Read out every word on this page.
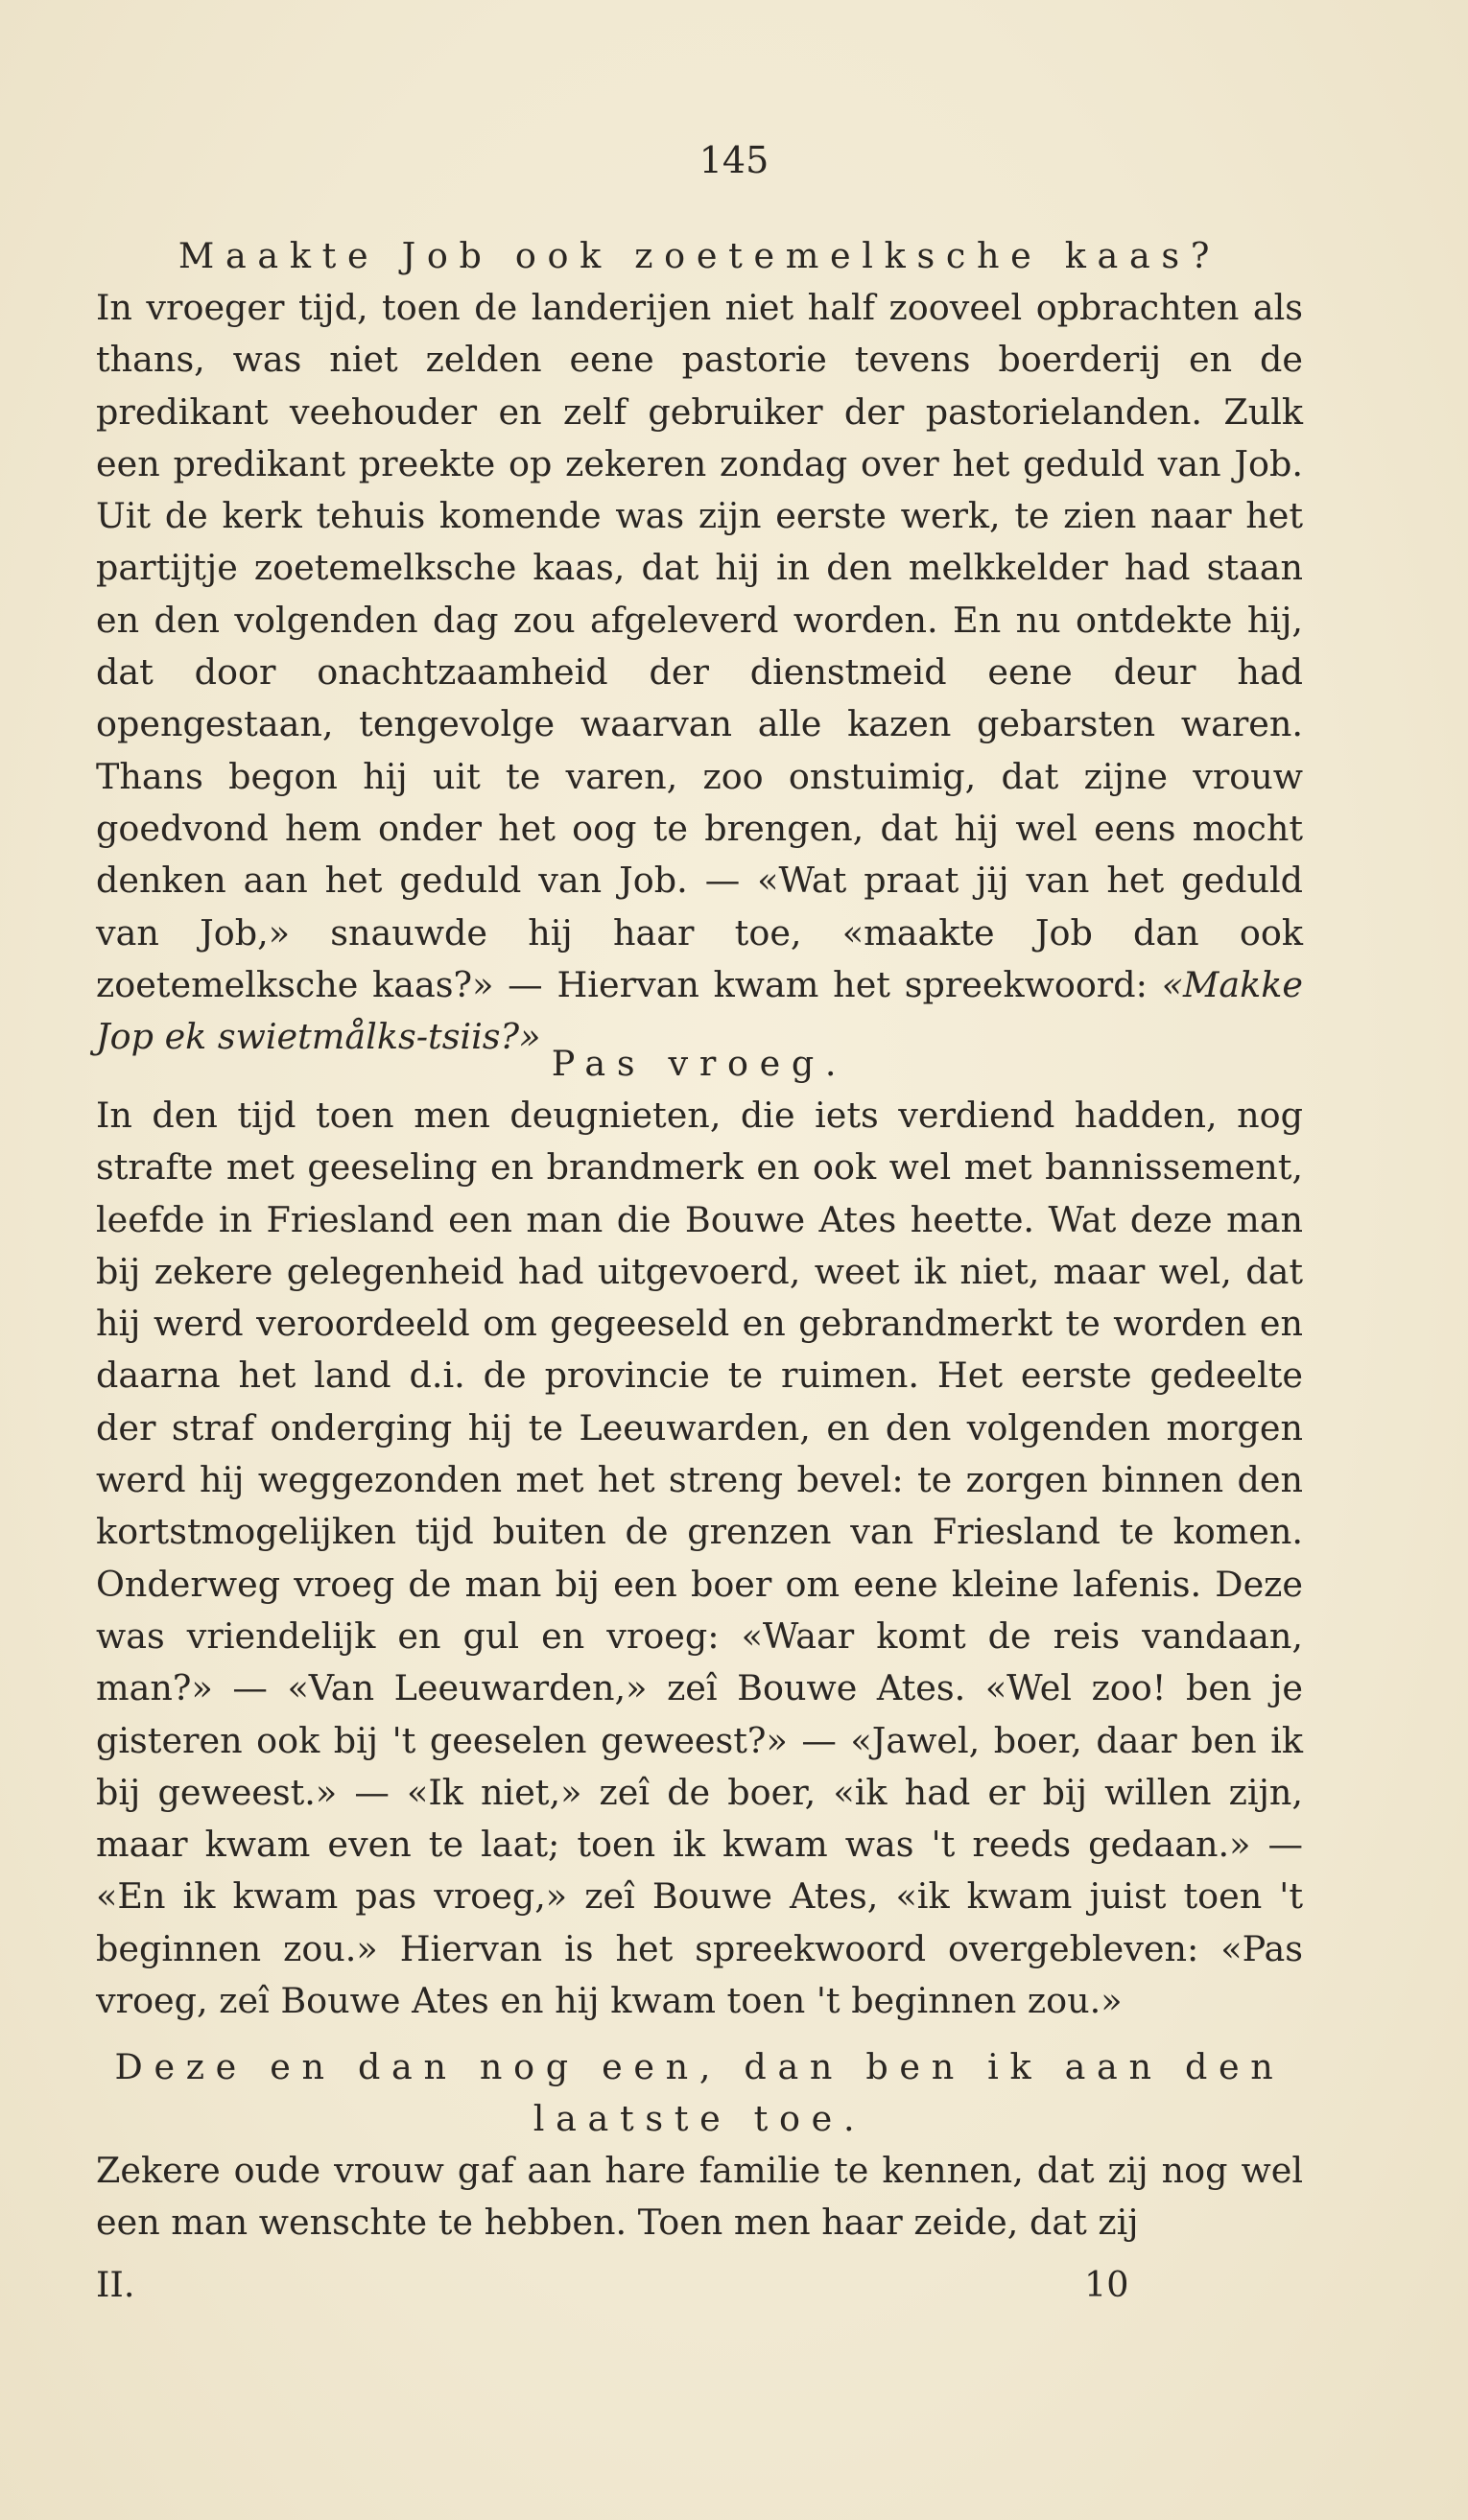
145

Maakte Job ook zoetemelksche kaas?

In vroeger tijd, toen de landerijen niet half zooveel opbrachten als thans, was niet zelden eene pastorie tevens boerderij en de predikant veehouder en zelf gebruiker der pastorielanden. Zulk een predikant preekte op zekeren zondag over het geduld van Job. Uit de kerk tehuis komende was zijn eerste werk, te zien naar het partijtje zoetemelksche kaas, dat hij in den melkkelder had staan en den volgenden dag zou afgeleverd worden. En nu ontdekte hij, dat door onachtzaamheid der dienstmeid eene deur had opengestaan, tengevolge waarvan alle kazen gebarsten waren. Thans begon hij uit te varen, zoo onstuimig, dat zijne vrouw goedvond hem onder het oog te brengen, dat hij wel eens mocht denken aan het geduld van Job. — «Wat praat jij van het geduld van Job,» snauwde hij haar toe, «maakte Job dan ook zoetemelksche kaas?» — Hiervan kwam het spreekwoord: «Makke Jop ek swietmålks-tsiis?»

Pas vroeg.

In den tijd toen men deugnieten, die iets verdiend hadden, nog strafte met geeseling en brandmerk en ook wel met bannissement, leefde in Friesland een man die Bouwe Ates heette. Wat deze man bij zekere gelegenheid had uitgevoerd, weet ik niet, maar wel, dat hij werd veroordeeld om gegeeseld en gebrandmerkt te worden en daarna het land d.i. de provincie te ruimen. Het eerste gedeelte der straf onderging hij te Leeuwarden, en den volgenden morgen werd hij weggezonden met het streng bevel: te zorgen binnen den kortstmogelijken tijd buiten de grenzen van Friesland te komen. Onderweg vroeg de man bij een boer om eene kleine lafenis. Deze was vriendelijk en gul en vroeg: «Waar komt de reis vandaan, man?» — «Van Leeuwarden,» zeî Bouwe Ates. «Wel zoo! ben je gisteren ook bij 't geeselen geweest?» — «Jawel, boer, daar ben ik bij geweest.» — «Ik niet,» zeî de boer, «ik had er bij willen zijn, maar kwam even te laat; toen ik kwam was 't reeds gedaan.» — «En ik kwam pas vroeg,» zeî Bouwe Ates, «ik kwam juist toen 't beginnen zou.» Hiervan is het spreekwoord overgebleven: «Pas vroeg, zeî Bouwe Ates en hij kwam toen 't beginnen zou.»

Deze en dan nog een, dan ben ik aan den

laatste toe.

Zekere oude vrouw gaf aan hare familie te kennen, dat zij nog wel een man wenschte te hebben. Toen men haar zeide, dat zij

II.	10
